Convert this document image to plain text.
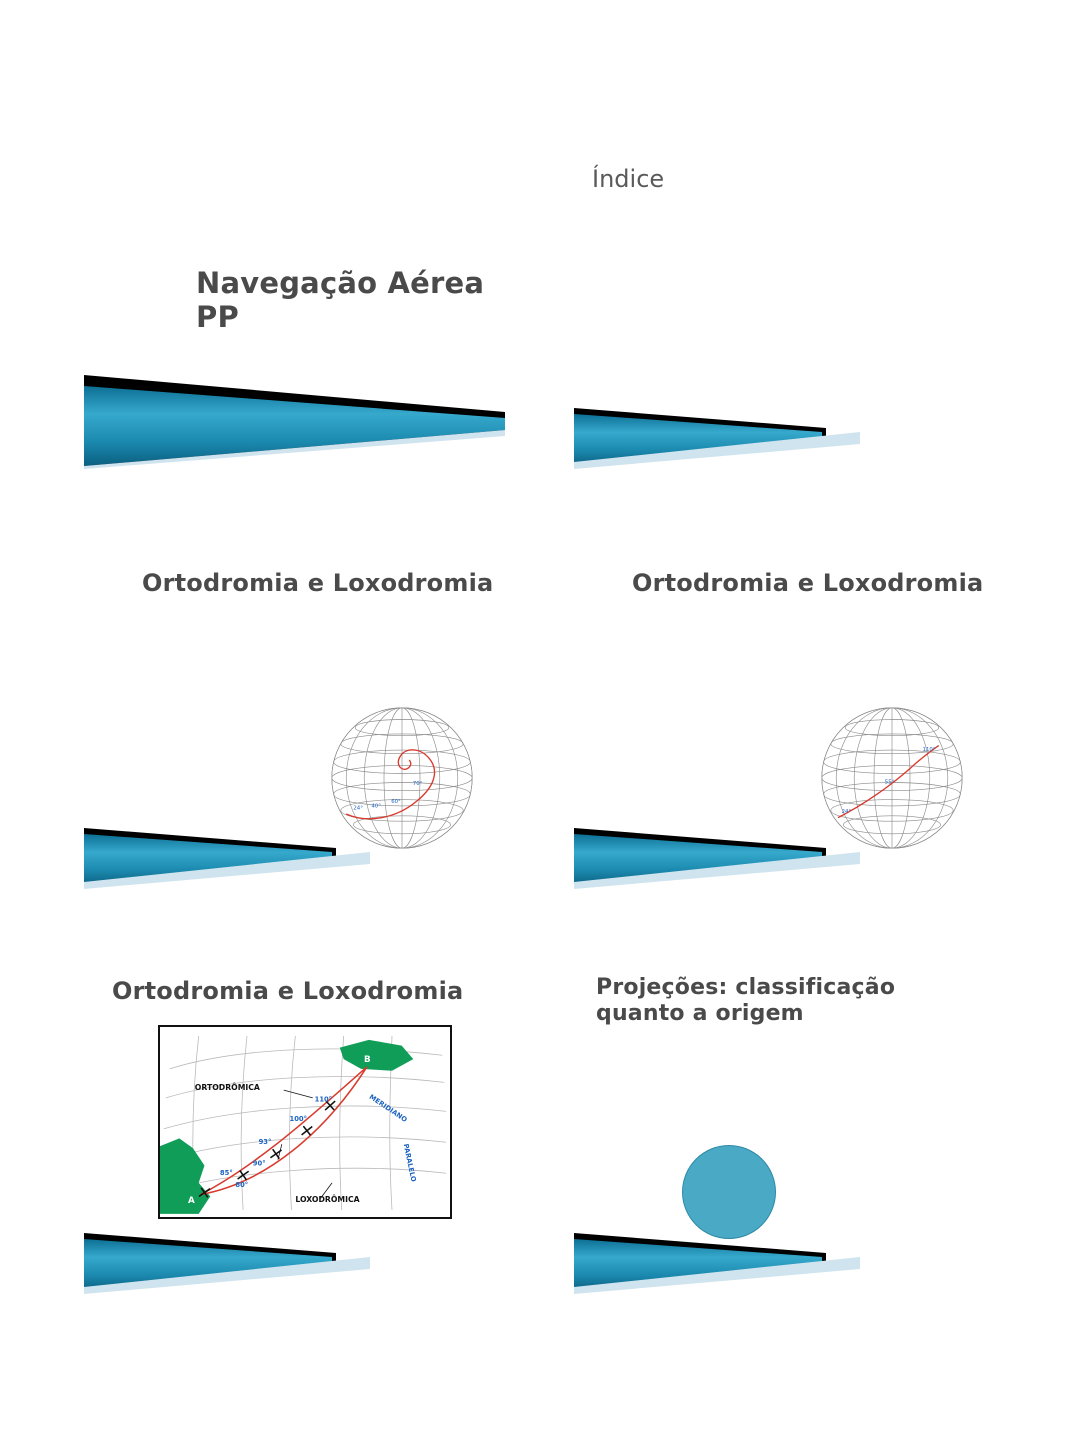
Índice
Navegação Aérea PP
Ortodromia e Loxodromia
24° 40°
60°
70°
Ortodromia e Loxodromia
24°
55°
110°
Ortodromia e Loxodromia
A
B
ORTODRÔMICA
LOXODRÔMICA
MERIDIANO
PARALELO
110°
100°
93°
90°
85°
80°
Projeções: classificação quanto a origem
